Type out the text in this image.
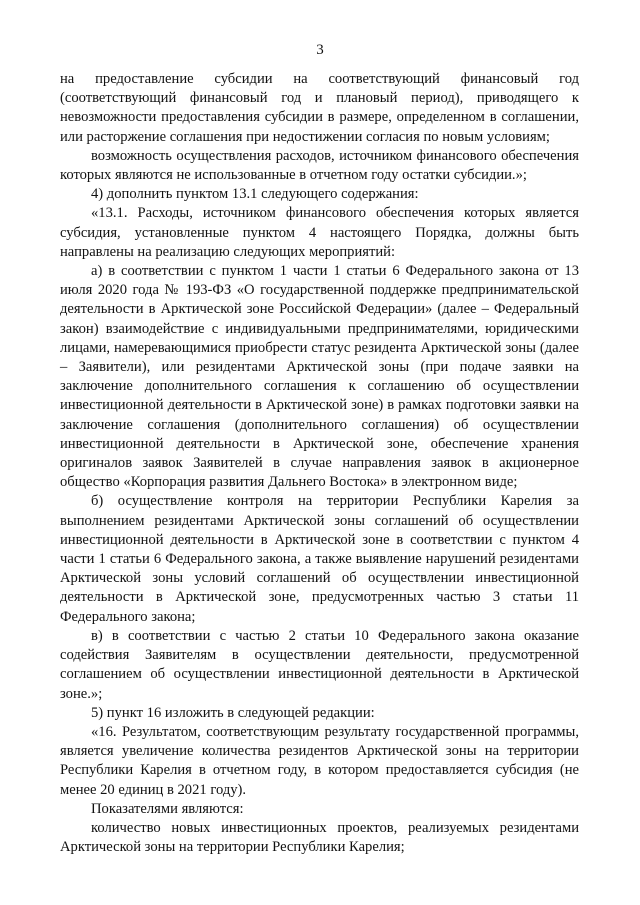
3

на предоставление субсидии на соответствующий финансовый год (соответствующий финансовый год и плановый период), приводящего к невозможности предоставления субсидии в размере, определенном в соглашении, или расторжение соглашения при недостижении согласия по новым условиям;

возможность осуществления расходов, источником финансового обеспечения которых являются не использованные в отчетном году остатки субсидии.»;

4) дополнить пунктом 13.1 следующего содержания:

«13.1. Расходы, источником финансового обеспечения которых является субсидия, установленные пунктом 4 настоящего Порядка, должны быть направлены на реализацию следующих мероприятий:

а) в соответствии с пунктом 1 части 1 статьи 6 Федерального закона от 13 июля 2020 года № 193-ФЗ «О государственной поддержке предпринимательской деятельности в Арктической зоне Российской Федерации» (далее – Федеральный закон) взаимодействие с индивидуальными предпринимателями, юридическими лицами, намеревающимися приобрести статус резидента Арктической зоны (далее – Заявители), или резидентами Арктической зоны (при подаче заявки на заключение дополнительного соглашения к соглашению об осуществлении инвестиционной деятельности в Арктической зоне) в рамках подготовки заявки на заключение соглашения (дополнительного соглашения) об осуществлении инвестиционной деятельности в Арктической зоне, обеспечение хранения оригиналов заявок Заявителей в случае направления заявок в акционерное общество «Корпорация развития Дальнего Востока» в электронном виде;

б) осуществление контроля на территории Республики Карелия за выполнением резидентами Арктической зоны соглашений об осуществлении инвестиционной деятельности в Арктической зоне в соответствии с пунктом 4 части 1 статьи 6 Федерального закона, а также выявление нарушений резидентами Арктической зоны условий соглашений об осуществлении инвестиционной деятельности в Арктической зоне, предусмотренных частью 3 статьи 11 Федерального закона;

в) в соответствии с частью 2 статьи 10 Федерального закона оказание содействия Заявителям в осуществлении деятельности, предусмотренной соглашением об осуществлении инвестиционной деятельности в Арктической зоне.»;

5) пункт 16 изложить в следующей редакции:

«16. Результатом, соответствующим результату государственной программы, является увеличение количества резидентов Арктической зоны на территории Республики Карелия в отчетном году, в котором предоставляется субсидия (не менее 20 единиц в 2021 году).

Показателями являются:

количество новых инвестиционных проектов, реализуемых резидентами Арктической зоны на территории Республики Карелия;
